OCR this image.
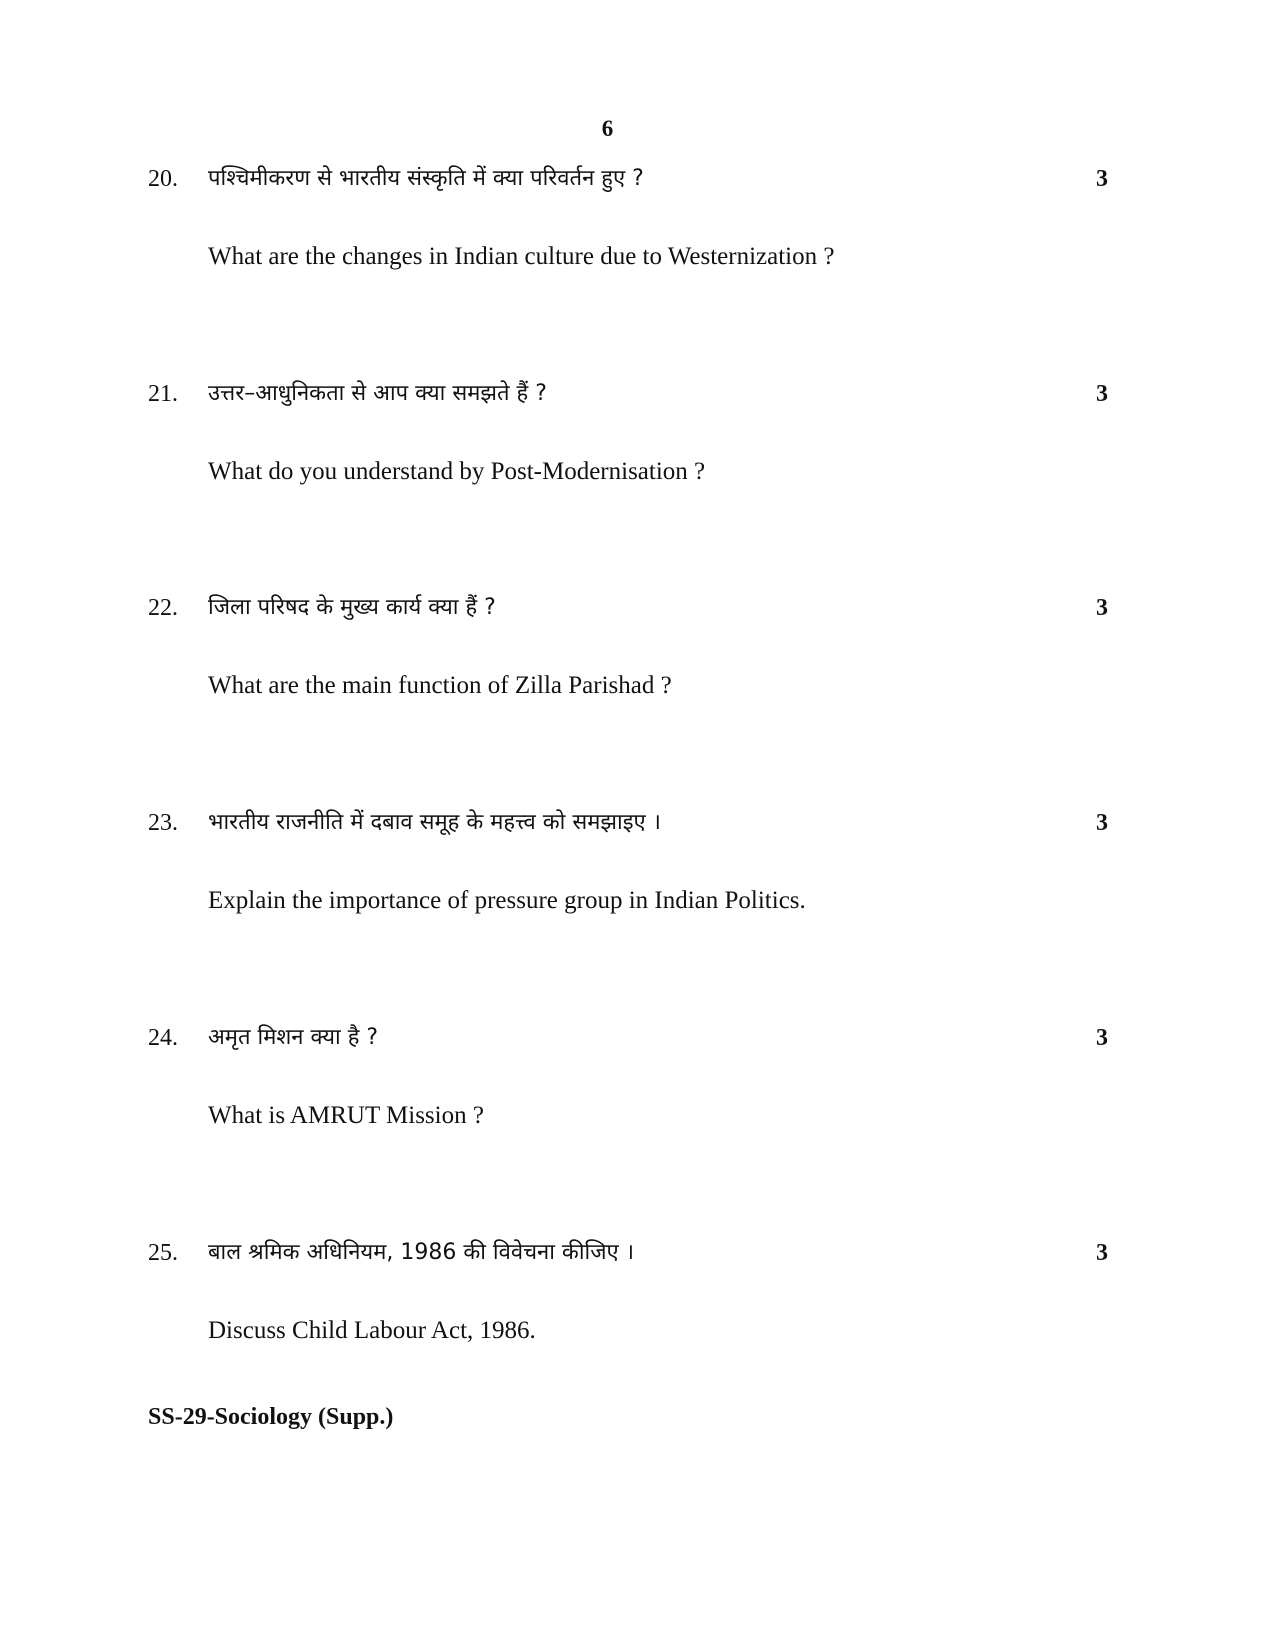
6
20. पश्चिमीकरण से भारतीय संस्कृति में क्या परिवर्तन हुए ?	3
What are the changes in Indian culture due to Westernization ?
21. उत्तर–आधुनिकता से आप क्या समझते हैं ?	3
What do you understand by Post-Modernisation ?
22. जिला परिषद के मुख्य कार्य क्या हैं ?	3
What are the main function of Zilla Parishad ?
23. भारतीय राजनीति में दबाव समूह के महत्त्व को समझाइए ।	3
Explain the importance of pressure group in Indian Politics.
24. अमृत मिशन क्या है ?	3
What is AMRUT Mission ?
25. बाल श्रमिक अधिनियम, 1986 की विवेचना कीजिए ।	3
Discuss Child Labour Act, 1986.
SS-29-Sociology (Supp.)
